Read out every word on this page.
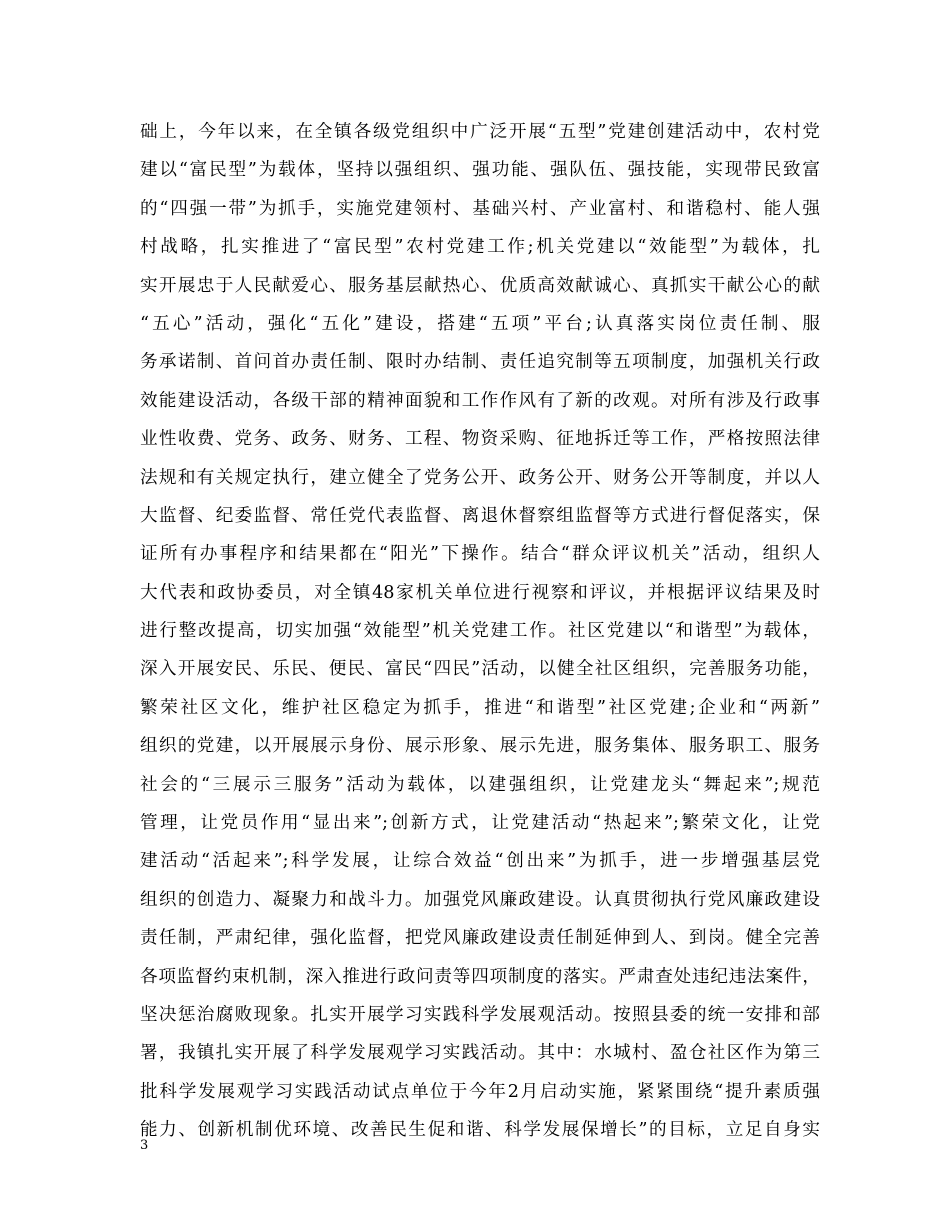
础上，今年以来，在全镇各级党组织中广泛开展“五型”党建创建活动中，农村党
建以“富民型”为载体，坚持以强组织、强功能、强队伍、强技能，实现带民致富
的“四强一带”为抓手，实施党建领村、基础兴村、产业富村、和谐稳村、能人强
村战略，扎实推进了“富民型”农村党建工作;机关党建以“效能型”为载体，扎
实开展忠于人民献爱心、服务基层献热心、优质高效献诚心、真抓实干献公心的献
“五心”活动，强化“五化”建设，搭建“五项”平台;认真落实岗位责任制、服
务承诺制、首问首办责任制、限时办结制、责任追究制等五项制度，加强机关行政
效能建设活动，各级干部的精神面貌和工作作风有了新的改观。对所有涉及行政事
业性收费、党务、政务、财务、工程、物资采购、征地拆迁等工作，严格按照法律
法规和有关规定执行，建立健全了党务公开、政务公开、财务公开等制度，并以人
大监督、纪委监督、常任党代表监督、离退休督察组监督等方式进行督促落实，保
证所有办事程序和结果都在“阳光”下操作。结合“群众评议机关”活动，组织人
大代表和政协委员，对全镇48家机关单位进行视察和评议，并根据评议结果及时
进行整改提高，切实加强“效能型”机关党建工作。社区党建以“和谐型”为载体，
深入开展安民、乐民、便民、富民“四民”活动，以健全社区组织，完善服务功能，
繁荣社区文化，维护社区稳定为抓手，推进“和谐型”社区党建;企业和“两新”
组织的党建，以开展展示身份、展示形象、展示先进，服务集体、服务职工、服务
社会的“三展示三服务”活动为载体，以建强组织，让党建龙头“舞起来”;规范
管理，让党员作用“显出来”;创新方式，让党建活动“热起来”;繁荣文化，让党
建活动“活起来”;科学发展，让综合效益“创出来”为抓手，进一步增强基层党
组织的创造力、凝聚力和战斗力。加强党风廉政建设。认真贯彻执行党风廉政建设
责任制，严肃纪律，强化监督，把党风廉政建设责任制延伸到人、到岗。健全完善
各项监督约束机制，深入推进行政问责等四项制度的落实。严肃查处违纪违法案件，
坚决惩治腐败现象。扎实开展学习实践科学发展观活动。按照县委的统一安排和部
署，我镇扎实开展了科学发展观学习实践活动。其中：水城村、盈仓社区作为第三
批科学发展观学习实践活动试点单位于今年2月启动实施，紧紧围绕“提升素质强
能力、创新机制优环境、改善民生促和谐、科学发展保增长”的目标，立足自身实
3
